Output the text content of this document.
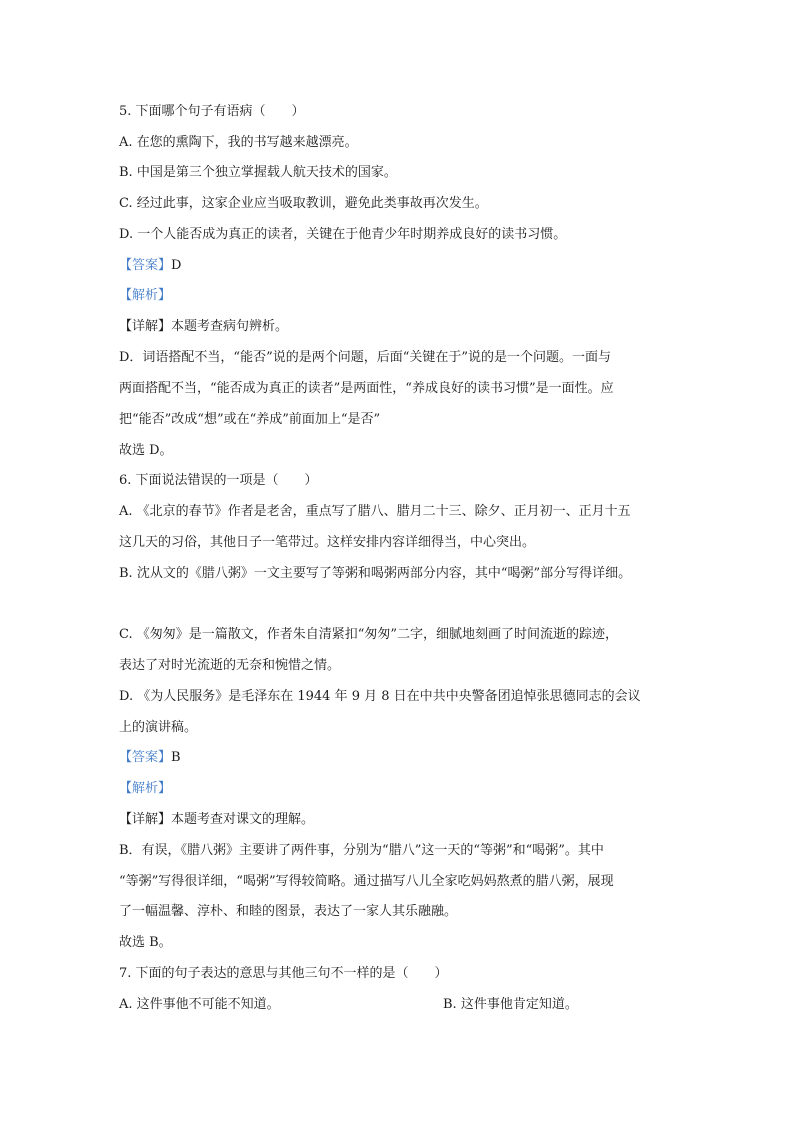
5. 下面哪个句子有语病（　　）
A. 在您的熏陶下，我的书写越来越漂亮。
B. 中国是第三个独立掌握载人航天技术的国家。
C. 经过此事，这家企业应当吸取教训，避免此类事故再次发生。
D. 一个人能否成为真正的读者，关键在于他青少年时期养成良好的读书习惯。
【答案】D
【解析】
【详解】本题考查病句辨析。
D．词语搭配不当，“能否”说的是两个问题，后面“关键在于”说的是一个问题。一面与
两面搭配不当，“能否成为真正的读者”是两面性，“养成良好的读书习惯”是一面性。应
把“能否”改成“想”或在“养成”前面加上“是否”
故选 D。
6. 下面说法错误的一项是（　　）
A. 《北京的春节》作者是老舍，重点写了腊八、腊月二十三、除夕、正月初一、正月十五
这几天的习俗，其他日子一笔带过。这样安排内容详细得当，中心突出。
B. 沈从文的《腊八粥》一文主要写了等粥和喝粥两部分内容，其中“喝粥”部分写得详细。
C. 《匆匆》是一篇散文，作者朱自清紧扣“匆匆”二字，细腻地刻画了时间流逝的踪迹，
表达了对时光流逝的无奈和惋惜之情。
D. 《为人民服务》是毛泽东在 1944 年 9 月 8 日在中共中央警备团追悼张思德同志的会议
上的演讲稿。
【答案】B
【解析】
【详解】本题考查对课文的理解。
B．有误，《腊八粥》主要讲了两件事，分别为“腊八”这一天的“等粥”和“喝粥”。其中
“等粥”写得很详细，“喝粥”写得较简略。通过描写八儿全家吃妈妈熬煮的腊八粥，展现
了一幅温馨、淳朴、和睦的图景，表达了一家人其乐融融。
故选 B。
7. 下面的句子表达的意思与其他三句不一样的是（　　）
A. 这件事他不可能不知道。	B. 这件事他肯定知道。
